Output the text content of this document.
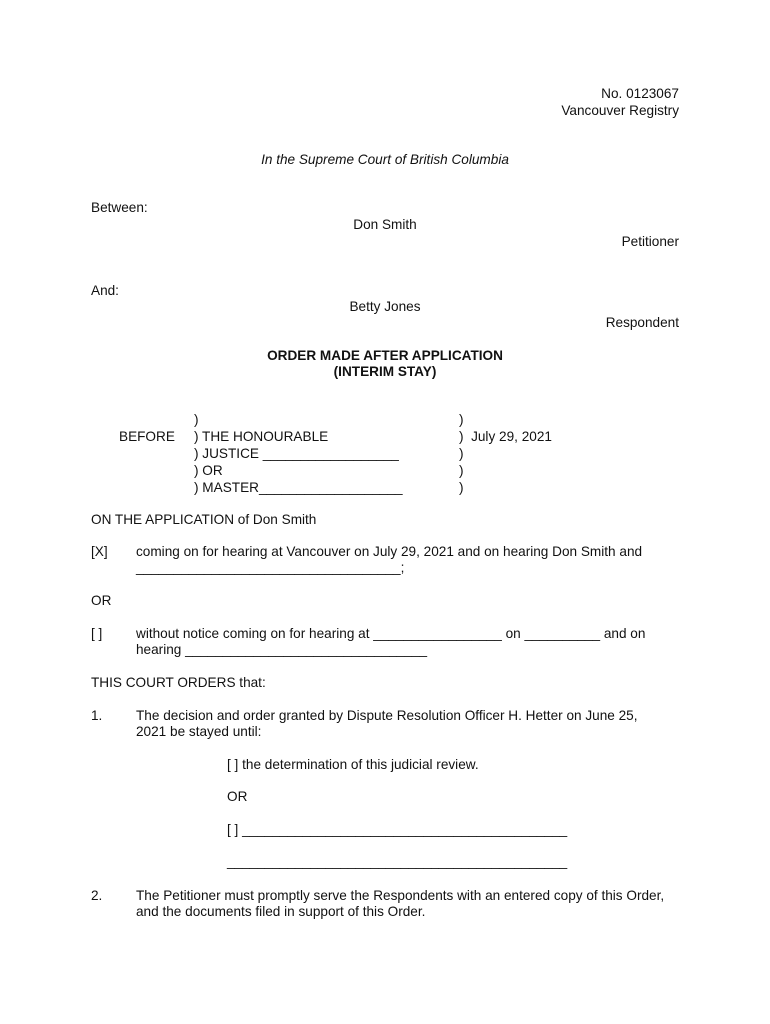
No. 0123067
Vancouver Registry
In the Supreme Court of British Columbia
Between:
Don Smith
Petitioner
And:
Betty Jones
Respondent
ORDER MADE AFTER APPLICATION
(INTERIM STAY)
BEFORE
)
) THE HONOURABLE
) JUSTICE __________________
) OR
) MASTER___________________
)
)  July 29, 2021
)
)
)
ON THE APPLICATION of Don Smith
[X] coming on for hearing at Vancouver on July 29, 2021 and on hearing Don Smith and
___________________________________;
OR
[ ] without notice coming on for hearing at _________________ on __________ and on
hearing ________________________________
THIS COURT ORDERS that:
1. The decision and order granted by Dispute Resolution Officer H. Hetter on June 25,
2021 be stayed until:
[ ] the determination of this judicial review.
OR
[ ] ___________________________________________
_____________________________________________
2. The Petitioner must promptly serve the Respondents with an entered copy of this Order,
and the documents filed in support of this Order.
